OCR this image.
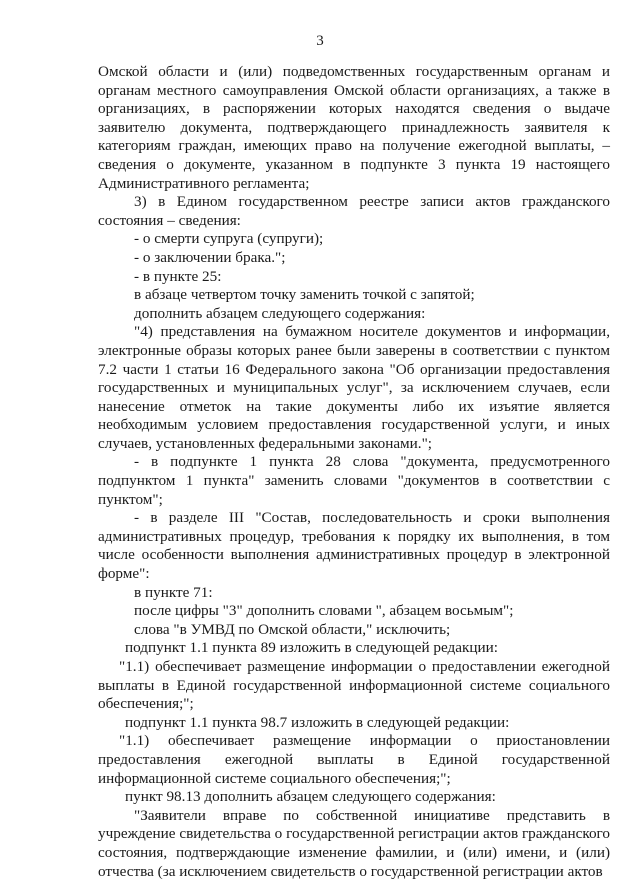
3

Омской области и (или) подведомственных государственным органам и органам местного самоуправления Омской области организациях, а также в организациях, в распоряжении которых находятся сведения о выдаче заявителю документа, подтверждающего принадлежность заявителя к категориям граждан, имеющих право на получение ежегодной выплаты, – сведения о документе, указанном в подпункте 3 пункта 19 настоящего Административного регламента;

3) в Едином государственном реестре записи актов гражданского состояния – сведения:

- о смерти супруга (супруги);

- о заключении брака.";

- в пункте 25:

в абзаце четвертом точку заменить точкой с запятой;

дополнить абзацем следующего содержания:

"4) представления на бумажном носителе документов и информации, электронные образы которых ранее были заверены в соответствии с пунктом 7.2 части 1 статьи 16 Федерального закона "Об организации предоставления государственных и муниципальных услуг", за исключением случаев, если нанесение отметок на такие документы либо их изъятие является необходимым условием предоставления государственной услуги, и иных случаев, установленных федеральными законами.";

- в подпункте 1 пункта 28 слова "документа, предусмотренного подпунктом 1 пункта" заменить словами "документов в соответствии с пунктом";

- в разделе III "Состав, последовательность и сроки выполнения административных процедур, требования к порядку их выполнения, в том числе особенности выполнения административных процедур в электронной форме":

в пункте 71:

после цифры "3" дополнить словами ", абзацем восьмым";

слова "в УМВД по Омской области," исключить;

подпункт 1.1 пункта 89 изложить в следующей редакции:

"1.1) обеспечивает размещение информации о предоставлении ежегодной выплаты в Единой государственной информационной системе социального обеспечения;";

подпункт 1.1 пункта 98.7 изложить в следующей редакции:

"1.1) обеспечивает размещение информации о приостановлении предоставления ежегодной выплаты в Единой государственной информационной системе социального обеспечения;";

пункт 98.13 дополнить абзацем следующего содержания:

"Заявители вправе по собственной инициативе представить в учреждение свидетельства о государственной регистрации актов гражданского состояния, подтверждающие изменение фамилии, и (или) имени, и (или) отчества (за исключением свидетельств о государственной регистрации актов
